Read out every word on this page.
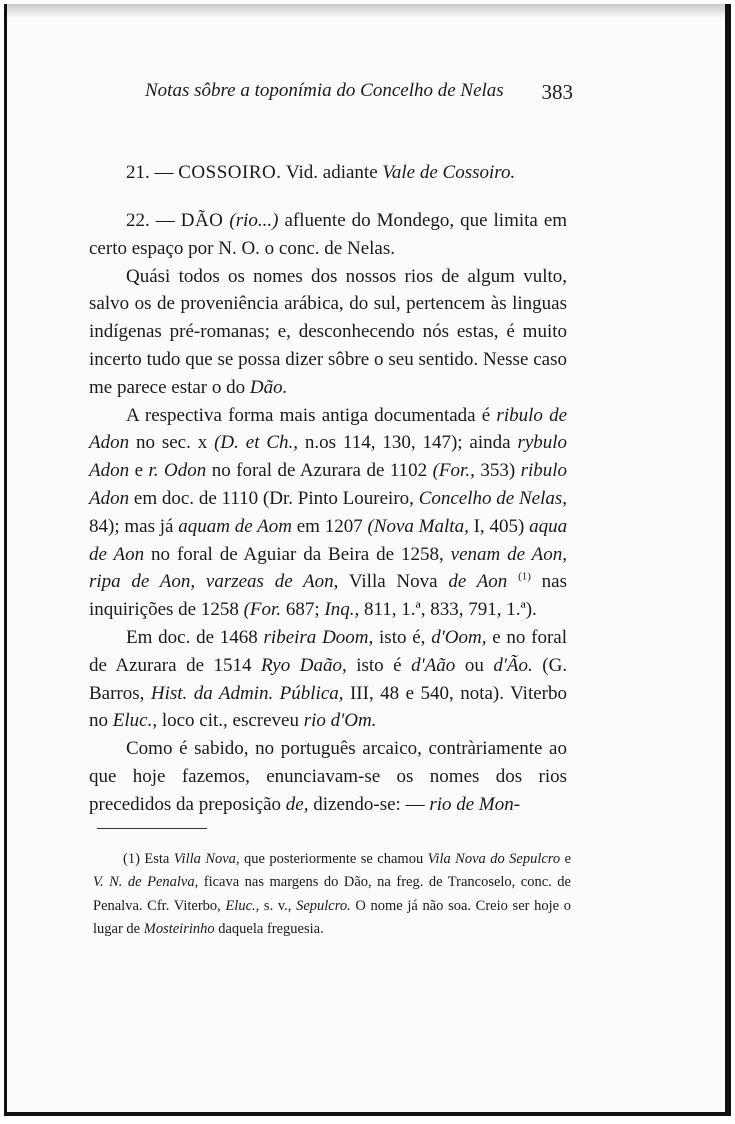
Notas sôbre a toponímia do Concelho de Nelas 383
21. — COSSOIRO. Vid. adiante Vale de Cossoiro.

22. — DÃO (rio...) afluente do Mondego, que limita em certo espaço por N. O. o conc. de Nelas.

Quási todos os nomes dos nossos rios de algum vulto, salvo os de proveniência arábica, do sul, pertencem às linguas indígenas pré-romanas; e, desconhecendo nós estas, é muito incerto tudo que se possa dizer sôbre o seu sentido. Nesse caso me parece estar o do Dão.

A respectiva forma mais antiga documentada é ribulo de Adon no sec. x (D. et Ch., n.os 114, 130, 147); ainda rybulo Adon e r. Odon no foral de Azurara de 1102 (For., 353) ribulo Adon em doc. de 1110 (Dr. Pinto Loureiro, Concelho de Nelas, 84); mas já aquam de Aom em 1207 (Nova Malta, I, 405) aqua de Aon no foral de Aguiar da Beira de 1258, venam de Aon, ripa de Aon, varzeas de Aon, Villa Nova de Aon $^{(1)}$ nas inquirições de 1258 (For. 687; Inq., 811, 1.ª, 833, 791, 1.ª).

Em doc. de 1468 ribeira Doom, isto é, d'Oom, e no foral de Azurara de 1514 Ryo Daão, isto é d'Aão ou d'Ão. (G. Barros, Hist. da Admin. Pública, III, 48 e 540, nota). Viterbo no Eluc., loco cit., escreveu rio d'Om.

Como é sabido, no português arcaico, contràriamente ao que hoje fazemos, enunciavam-se os nomes dos rios precedidos da preposição de, dizendo-se: — rio de Mon-

(1) Esta Villa Nova, que posteriormente se chamou Vila Nova do Sepulcro e V. N. de Penalva, ficava nas margens do Dão, na freg. de Trancoselo, conc. de Penalva. Cfr. Viterbo, Eluc., s. v., Sepulcro. O nome já não soa. Creio ser hoje o lugar de Mosteirinho daquela freguesia.
